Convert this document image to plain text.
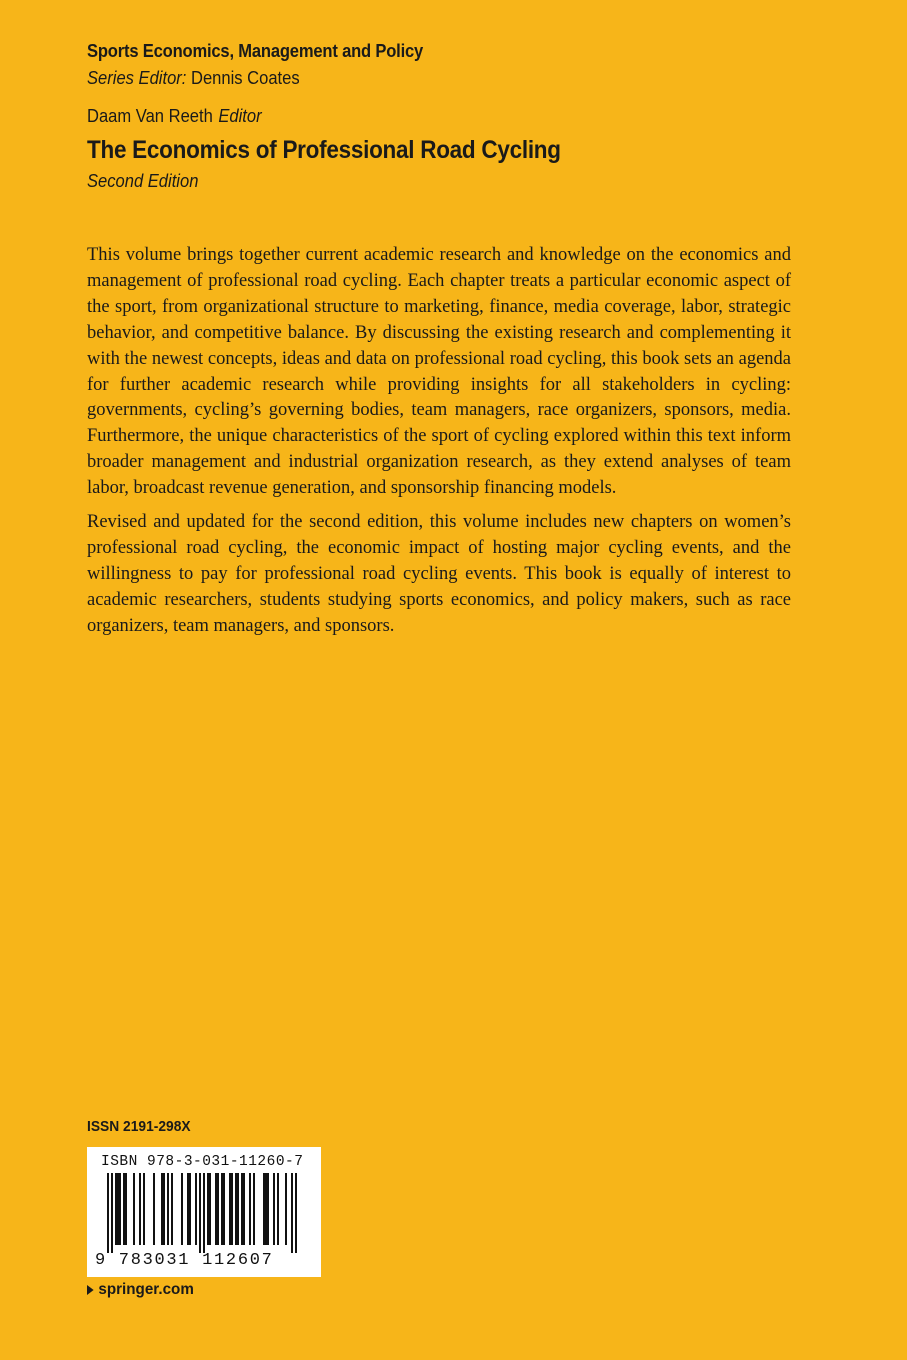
Sports Economics, Management and Policy
Series Editor: Dennis Coates
Daam Van Reeth Editor
The Economics of Professional Road Cycling
Second Edition

This volume brings together current academic research and knowledge on the economics and management of professional road cycling. Each chapter treats a particular economic aspect of the sport, from organizational structure to marketing, finance, media coverage, labor, strategic behavior, and competitive balance. By discussing the existing research and complementing it with the newest concepts, ideas and data on professional road cycling, this book sets an agenda for further academic research while providing insights for all stakeholders in cycling: governments, cycling’s governing bodies, team managers, race organizers, sponsors, media. Furthermore, the unique characteristics of the sport of cycling explored within this text inform broader management and industrial organization research, as they extend analyses of team labor, broadcast revenue generation, and sponsorship financing models.

Revised and updated for the second edition, this volume includes new chapters on women’s professional road cycling, the economic impact of hosting major cycling events, and the willingness to pay for professional road cycling events. This book is equally of interest to academic researchers, students studying sports economics, and policy makers, such as race organizers, team managers, and sponsors.

ISSN 2191-298X
ISBN 978-3-031-11260-7
9 783031 112607
springer.com
